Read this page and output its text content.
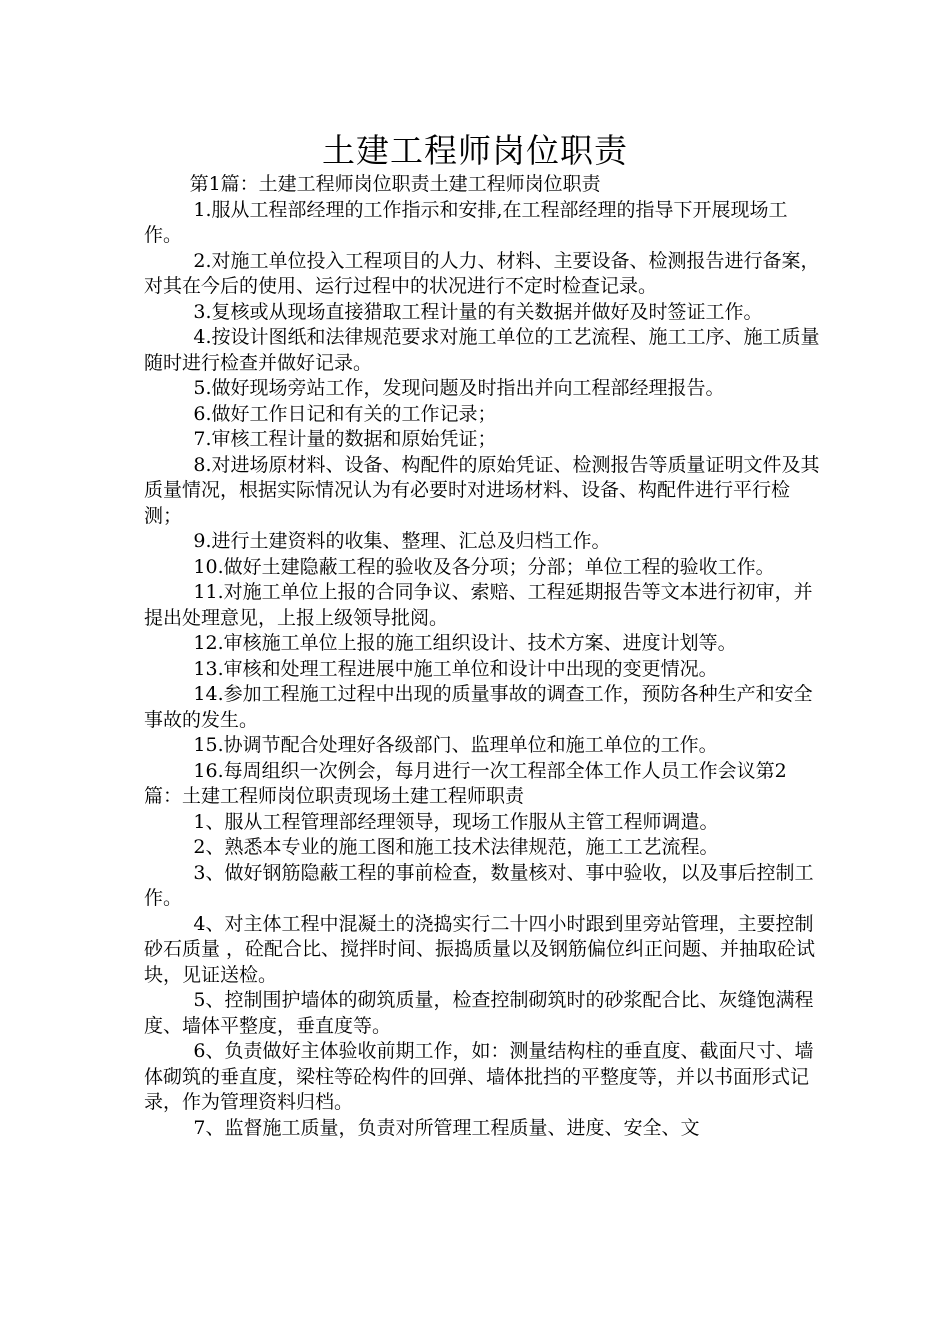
土建工程师岗位职责

第1篇：土建工程师岗位职责土建工程师岗位职责

1.服从工程部经理的工作指示和安排,在工程部经理的指导下开展现场工作。

2.对施工单位投入工程项目的人力、材料、主要设备、检测报告进行备案，对其在今后的使用、运行过程中的状况进行不定时检查记录。

3.复核或从现场直接猎取工程计量的有关数据并做好及时签证工作。

4.按设计图纸和法律规范要求对施工单位的工艺流程、施工工序、施工质量随时进行检查并做好记录。

5.做好现场旁站工作，发现问题及时指出并向工程部经理报告。

6.做好工作日记和有关的工作记录；

7.审核工程计量的数据和原始凭证；

8.对进场原材料、设备、构配件的原始凭证、检测报告等质量证明文件及其质量情况，根据实际情况认为有必要时对进场材料、设备、构配件进行平行检测；

9.进行土建资料的收集、整理、汇总及归档工作。

10.做好土建隐蔽工程的验收及各分项；分部；单位工程的验收工作。

11.对施工单位上报的合同争议、索赔、工程延期报告等文本进行初审，并提出处理意见，上报上级领导批阅。

12.审核施工单位上报的施工组织设计、技术方案、进度计划等。

13.审核和处理工程进展中施工单位和设计中出现的变更情况。

14.参加工程施工过程中出现的质量事故的调查工作，预防各种生产和安全事故的发生。

15.协调节配合处理好各级部门、监理单位和施工单位的工作。

16.每周组织一次例会，每月进行一次工程部全体工作人员工作会议第2篇：土建工程师岗位职责现场土建工程师职责

1、服从工程管理部经理领导，现场工作服从主管工程师调遣。

2、熟悉本专业的施工图和施工技术法律规范，施工工艺流程。

3、做好钢筋隐蔽工程的事前检查，数量核对、事中验收，以及事后控制工作。

4、对主体工程中混凝土的浇捣实行二十四小时跟到里旁站管理，主要控制砂石质量 ，砼配合比、搅拌时间、振捣质量以及钢筋偏位纠正问题、并抽取砼试块，见证送检。

5、控制围护墙体的砌筑质量，检查控制砌筑时的砂浆配合比、灰缝饱满程度、墙体平整度，垂直度等。

6、负责做好主体验收前期工作，如：测量结构柱的垂直度、截面尺寸、墙体砌筑的垂直度，梁柱等砼构件的回弹、墙体批挡的平整度等，并以书面形式记录，作为管理资料归档。

7、监督施工质量，负责对所管理工程质量、进度、安全、文
